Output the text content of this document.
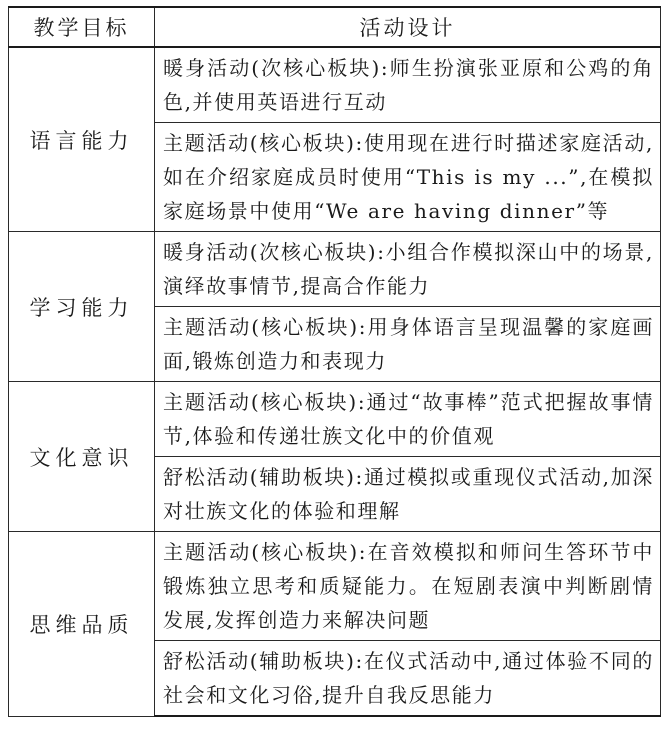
教学目标	活动设计
语言能力	暖身活动(次核心板块):师生扮演张亚原和公鸡的角色,并使用英语进行互动
	主题活动(核心板块):使用现在进行时描述家庭活动,如在介绍家庭成员时使用“This is my ...”,在模拟家庭场景中使用“We are having dinner”等
学习能力	暖身活动(次核心板块):小组合作模拟深山中的场景,演绎故事情节,提高合作能力
	主题活动(核心板块):用身体语言呈现温馨的家庭画面,锻炼创造力和表现力
文化意识	主题活动(核心板块):通过“故事棒”范式把握故事情节,体验和传递壮族文化中的价值观
	舒松活动(辅助板块):通过模拟或重现仪式活动,加深对壮族文化的体验和理解
思维品质	主题活动(核心板块):在音效模拟和师问生答环节中锻炼独立思考和质疑能力。在短剧表演中判断剧情发展,发挥创造力来解决问题
	舒松活动(辅助板块):在仪式活动中,通过体验不同的社会和文化习俗,提升自我反思能力
